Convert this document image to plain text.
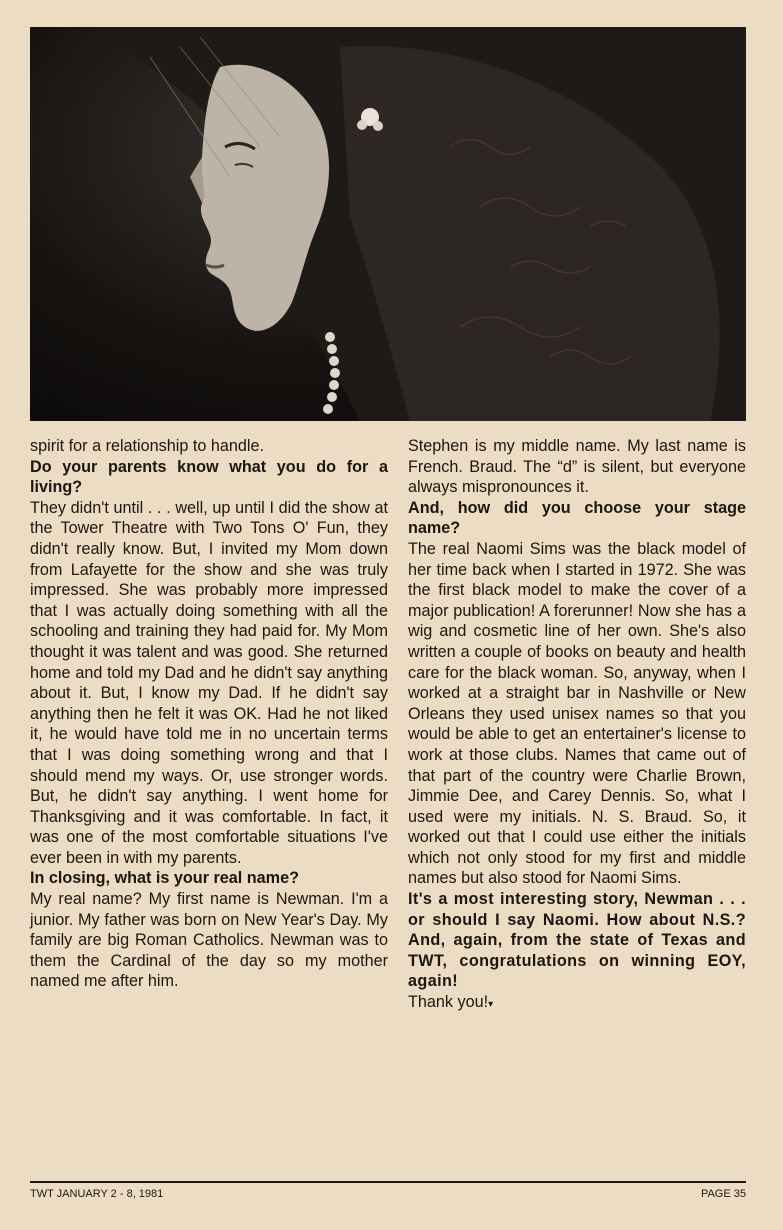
spirit for a relationship to handle.

Do your parents know what you do for a living?

They didn't until . . . well, up until I did the show at the Tower Theatre with Two Tons O' Fun, they didn't really know. But, I invited my Mom down from Lafayette for the show and she was truly impressed. She was probably more impressed that I was actually doing something with all the schooling and training they had paid for. My Mom thought it was talent and was good. She returned home and told my Dad and he didn't say anything about it. But, I know my Dad. If he didn't say anything then he felt it was OK. Had he not liked it, he would have told me in no uncertain terms that I was doing something wrong and that I should mend my ways. Or, use stronger words. But, he didn't say anything. I went home for Thanksgiving and it was comfortable. In fact, it was one of the most comfortable situations I've ever been in with my parents.

In closing, what is your real name?

My real name? My first name is Newman. I'm a junior. My father was born on New Year's Day. My family are big Roman Catholics. Newman was to them the Cardinal of the day so my mother named me after him.

Stephen is my middle name. My last name is French. Braud. The “d” is silent, but everyone always mispronounces it.

And, how did you choose your stage name?

The real Naomi Sims was the black model of her time back when I started in 1972. She was the first black model to make the cover of a major publication! A forerunner! Now she has a wig and cosmetic line of her own. She's also written a couple of books on beauty and health care for the black woman. So, anyway, when I worked at a straight bar in Nashville or New Orleans they used unisex names so that you would be able to get an entertainer's license to work at those clubs. Names that came out of that part of the country were Charlie Brown, Jimmie Dee, and Carey Dennis. So, what I used were my initials. N. S. Braud. So, it worked out that I could use either the initials which not only stood for my first and middle names but also stood for Naomi Sims.

It's a most interesting story, Newman . . . or should I say Naomi. How about N.S.? And, again, from the state of Texas and TWT, congratulations on winning EOY, again!

Thank you!▾

TWT JANUARY 2 - 8, 1981	PAGE 35
